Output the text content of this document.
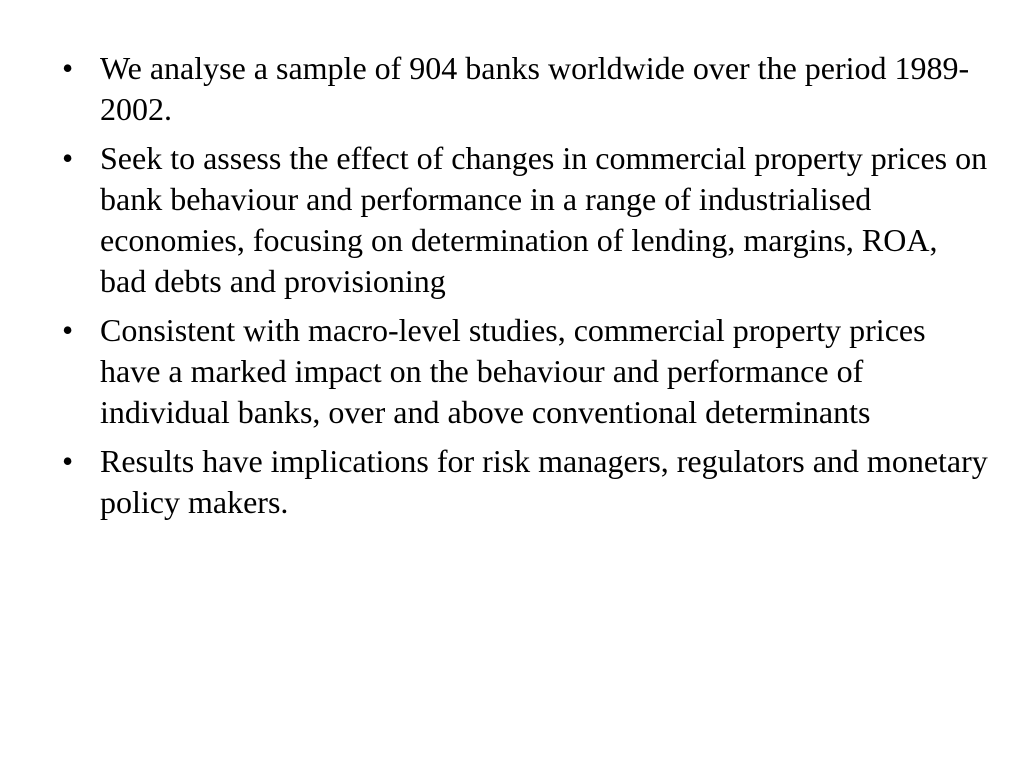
• We analyse a sample of 904 banks worldwide over the period 1989-2002.
• Seek to assess the effect of changes in commercial property prices on bank behaviour and performance in a range of industrialised economies, focusing on determination of lending, margins, ROA, bad debts and provisioning
• Consistent with macro-level studies, commercial property prices have a marked impact on the behaviour and performance of individual banks, over and above conventional determinants
• Results have implications for risk managers, regulators and monetary policy makers.
